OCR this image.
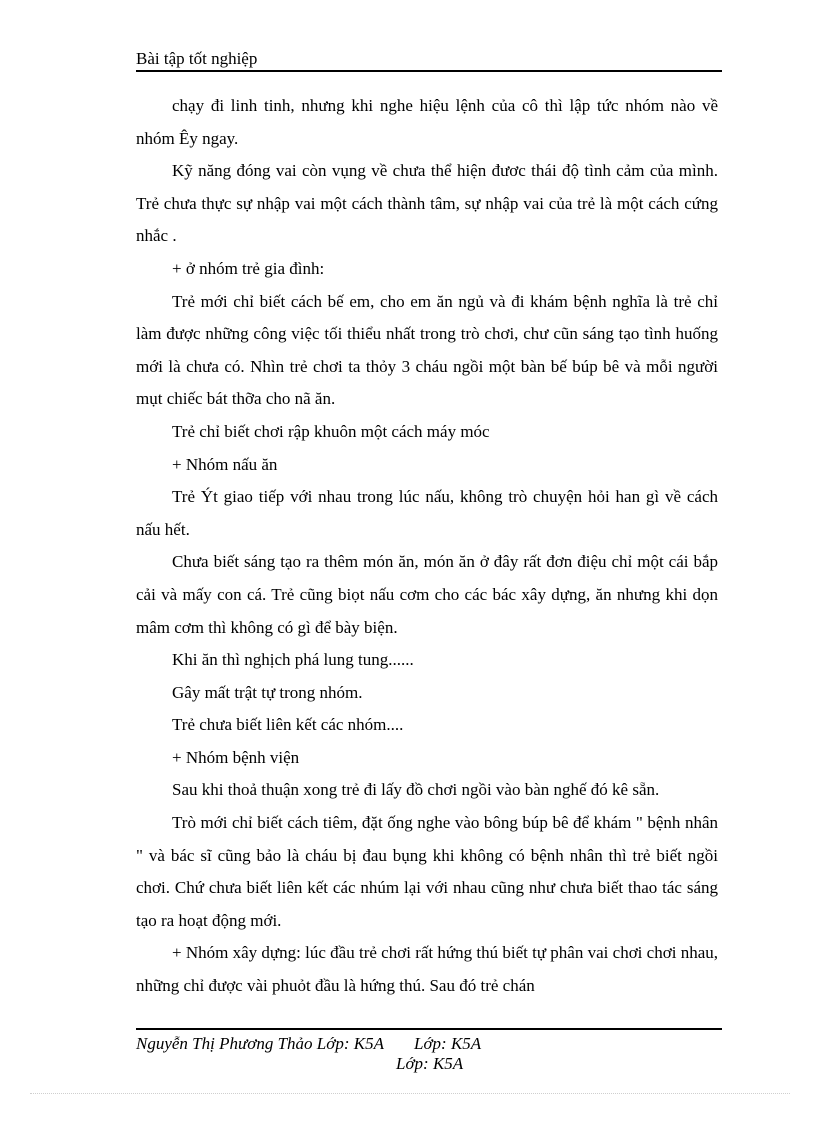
Bài tập tốt nghiệp

chạy đi linh tinh, nhưng khi nghe hiệu lệnh của cô thì lập tức nhóm nào về nhóm Êy ngay.

Kỹ năng đóng vai còn vụng về chưa thể hiện đươc thái độ tình cảm của mình. Trẻ chưa thực sự nhập vai một cách thành tâm, sự nhập vai của trẻ là một cách cứng nhắc .

+ ở nhóm trẻ gia đình:

Trẻ mới chỉ biết cách bế em, cho em ăn ngủ và đi khám bệnh nghĩa là trẻ chỉ làm được những công việc tối thiểu nhất trong trò chơi, chư cũn sáng tạo tình huống mới là chưa có. Nhìn trẻ chơi ta thỏy 3 cháu ngồi một bàn bế búp bê và mỗi người mụt chiếc bát thỡa cho nã ăn.

Trẻ chỉ biết chơi rập khuôn một cách máy móc

+ Nhóm nấu ăn

Trẻ Ýt giao tiếp với nhau trong lúc nấu, không trò chuyện hỏi han gì về cách nấu hết.

Chưa biết sáng tạo ra thêm món ăn, món ăn ở đây rất đơn điệu chỉ một cái bắp cải và mấy con cá. Trẻ cũng biọt nấu cơm cho các bác xây dựng, ăn nhưng khi dọn mâm cơm thì không có gì để bày biện.

Khi ăn thì nghịch phá lung tung......

Gây mất trật tự trong nhóm.

Trẻ chưa biết liên kết các nhóm....

+ Nhóm bệnh viện

Sau khi thoả thuận xong trẻ đi lấy đồ chơi ngồi vào bàn nghế đó kê sẵn.

Trò mới chỉ biết cách tiêm, đặt ống nghe vào bông búp bê để khám " bệnh nhân " và bác sĩ cũng bảo là cháu bị đau bụng khi không có bệnh nhân thì trẻ biết ngồi chơi. Chứ chưa biết liên kết các nhúm lại với nhau cũng như chưa biết thao tác sáng tạo ra hoạt động mới.

+ Nhóm xây dựng: lúc đầu trẻ chơi rất hứng thú biết tự phân vai chơi chơi nhau, những chỉ được vài phuỏt đầu là hứng thú. Sau đó trẻ chán

Nguyễn Thị Phương Thảo Lớp: K5A Lớp: K5A
Lớp: K5A
